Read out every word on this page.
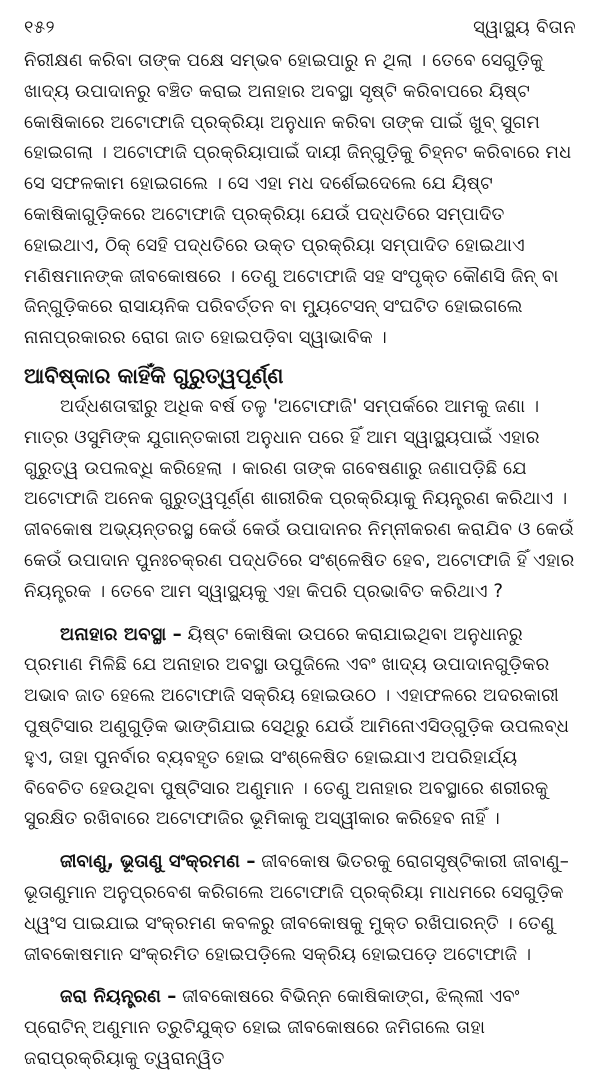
୧୫୨	ସ୍ୱାସ୍ଥ୍ୟ ବିତାନ

ନିରୀକ୍ଷଣ କରିବା ତାଙ୍କ ପକ୍ଷେ ସମ୍ଭବ ହୋଇପାରୁ ନ ଥିଲା । ତେବେ ସେଗୁଡ଼ିକୁ ଖାଦ୍ୟ ଉପାଦାନରୁ ବଞ୍ଚିତ କରାଇ ଅନାହାର ଅବସ୍ଥା ସୃଷ୍ଟି କରିବାପରେ ୟିଷ୍ଟ କୋଷିକାରେ ଅଟୋଫାଜି ପ୍ରକ୍ରିୟା ଅନୁଧାନ କରିବା ତାଙ୍କ ପାଇଁ ଖୁବ୍ ସୁଗମ ହୋଇଗଲା । ଅଟୋଫାଜି ପ୍ରକ୍ରିୟାପାଇଁ ଦାୟୀ ଜିନ୍‌ଗୁଡ଼ିକୁ ଚିହ୍ନଟ କରିବାରେ ମଧ ସେ ସଫଳକାମ ହୋଇଗଲେ । ସେ ଏହା ମଧ ଦର୍ଶେଇଦେଲେ ଯେ ୟିଷ୍ଟ କୋଷିକାଗୁଡ଼ିକରେ ଅଟୋଫାଜି ପ୍ରକ୍ରିୟା ଯେଉଁ ପଦ୍ଧତିରେ ସମ୍ପାଦିତ ହୋଇଥାଏ, ଠିକ୍ ସେହି ପଦ୍ଧତିରେ ଉକ୍ତ ପ୍ରକ୍ରିୟା ସମ୍ପାଦିତ ହୋଇଥାଏ ମଣିଷମାନଙ୍କ ଜୀବକୋଷରେ । ତେଣୁ ଅଟୋଫାଜି ସହ ସଂପୃକ୍ତ କୌଣସି ଜିନ୍ ବା ଜିନ୍‌ଗୁଡ଼ିକରେ ରାସାୟନିକ ପରିବର୍ତ୍ତନ ବା ମ୍ୟୁଟେସନ୍ ସଂଘଟିତ ହୋଇଗଲେ ନାନାପ୍ରକାରର ରୋଗ ଜାତ ହୋଇପଡ଼ିବା ସ୍ୱାଭାବିକ ।

ଆବିଷ୍କାର କାହିଁକି ଗୁରୁତ୍ୱପୂର୍ଣ୍ଣ

ଅର୍ଦ୍ଧଶତାବ୍ଦୀରୁ ଅଧିକ ବର୍ଷ ତଳୁ 'ଅଟୋଫାଜି' ସମ୍ପର୍କରେ ଆମକୁ ଜଣା । ମାତ୍ର ଓସୁମିଙ୍କ ଯୁଗାନ୍ତକାରୀ ଅନୁଧାନ ପରେ ହିଁ ଆମ ସ୍ୱାସ୍ଥ୍ୟପାଇଁ ଏହାର ଗୁରୁତ୍ୱ ଉପଲବ୍ଧି କରିହେଲା । କାରଣ ତାଙ୍କ ଗବେଷଣାରୁ ଜଣାପଡ଼ିଛି ଯେ ଅଟୋଫାଜି ଅନେକ ଗୁରୁତ୍ୱପୂର୍ଣ୍ଣ ଶାରୀରିକ ପ୍ରକ୍ରିୟାକୁ ନିୟନ୍ତ୍ରଣ କରିଥାଏ । ଜୀବକୋଷ ଅଭ୍ୟନ୍ତରସ୍ଥ କେଉଁ କେଉଁ ଉପାଦାନର ନିମ୍ନୀକରଣ କରାଯିବ ଓ କେଉଁ କେଉଁ ଉପାଦାନ ପୁନଃଚକ୍ରଣ ପଦ୍ଧତିରେ ସଂଶ୍ଳେଷିତ ହେବ, ଅଟୋଫାଜି ହିଁ ଏହାର ନିୟନ୍ତ୍ରକ । ତେବେ ଆମ ସ୍ୱାସ୍ଥ୍ୟକୁ ଏହା କିପରି ପ୍ରଭାବିତ କରିଥାଏ ?

ଅନାହାର ଅବସ୍ଥା – ୟିଷ୍ଟ କୋଷିକା ଉପରେ କରାଯାଇଥିବା ଅନୁଧାନରୁ ପ୍ରମାଣ ମିଳିଛି ଯେ ଅନାହାର ଅବସ୍ଥା ଉପୁଜିଲେ ଏବଂ ଖାଦ୍ୟ ଉପାଦାନଗୁଡ଼ିକର ଅଭାବ ଜାତ ହେଲେ ଅଟୋଫାଜି ସକ୍ରିୟ ହୋଇଉଠେ । ଏହାଫଳରେ ଅଦରକାରୀ ପୁଷ୍ଟିସାର ଅଣୁଗୁଡ଼ିକ ଭାଙ୍ଗିଯାଇ ସେଥିରୁ ଯେଉଁ ଆମିନୋଏସିଡ୍‌ଗୁଡ଼ିକ ଉପଲବ୍ଧ ହୁଏ, ତାହା ପୁନର୍ବାର ବ୍ୟବହୃତ ହୋଇ ସଂଶ୍ଳେଷିତ ହୋଇଯାଏ ଅପରିହାର୍ଯ୍ୟ ବିବେଚିତ ହେଉଥିବା ପୁଷ୍ଟିସାର ଅଣୁମାନ । ତେଣୁ ଅନାହାର ଅବସ୍ଥାରେ ଶରୀରକୁ ସୁରକ୍ଷିତ ରଖିବାରେ ଅଟୋଫାଜିର ଭୂମିକାକୁ ଅସ୍ୱୀକାର କରିହେବ ନାହିଁ ।

ଜୀବାଣୁ, ଭୂତାଣୁ ସଂକ୍ରମଣ – ଜୀବକୋଷ ଭିତରକୁ ରୋଗସୃଷ୍ଟିକାରୀ ଜୀବାଣୁ–ଭୂତାଣୁମାନ ଅନୁପ୍ରବେଶ କରିଗଲେ ଅଟୋଫାଜି ପ୍ରକ୍ରିୟା ମାଧମରେ ସେଗୁଡ଼ିକ ଧ୍ୱଂସ ପାଇଯାଇ ସଂକ୍ରମଣ କବଳରୁ ଜୀବକୋଷକୁ ମୁକ୍ତ ରଖିପାରନ୍ତି । ତେଣୁ ଜୀବକୋଷମାନ ସଂକ୍ରମିତ ହୋଇପଡ଼ିଲେ ସକ୍ରିୟ ହୋଇପଡ଼େ ଅଟୋଫାଜି ।

ଜରା ନିୟନ୍ତ୍ରଣ – ଜୀବକୋଷରେ ବିଭିନ୍ନ କୋଷିକାଙ୍ଗ, ଝିଲ୍ଲୀ ଏବଂ ପ୍ରୋଟିନ୍ ଅଣୁମାନ ତ୍ରୁଟିଯୁକ୍ତ ହୋଇ ଜୀବକୋଷରେ ଜମିଗଲେ ତାହା ଜରାପ୍ରକ୍ରିୟାକୁ ତ୍ୱରାନ୍ୱିତ
